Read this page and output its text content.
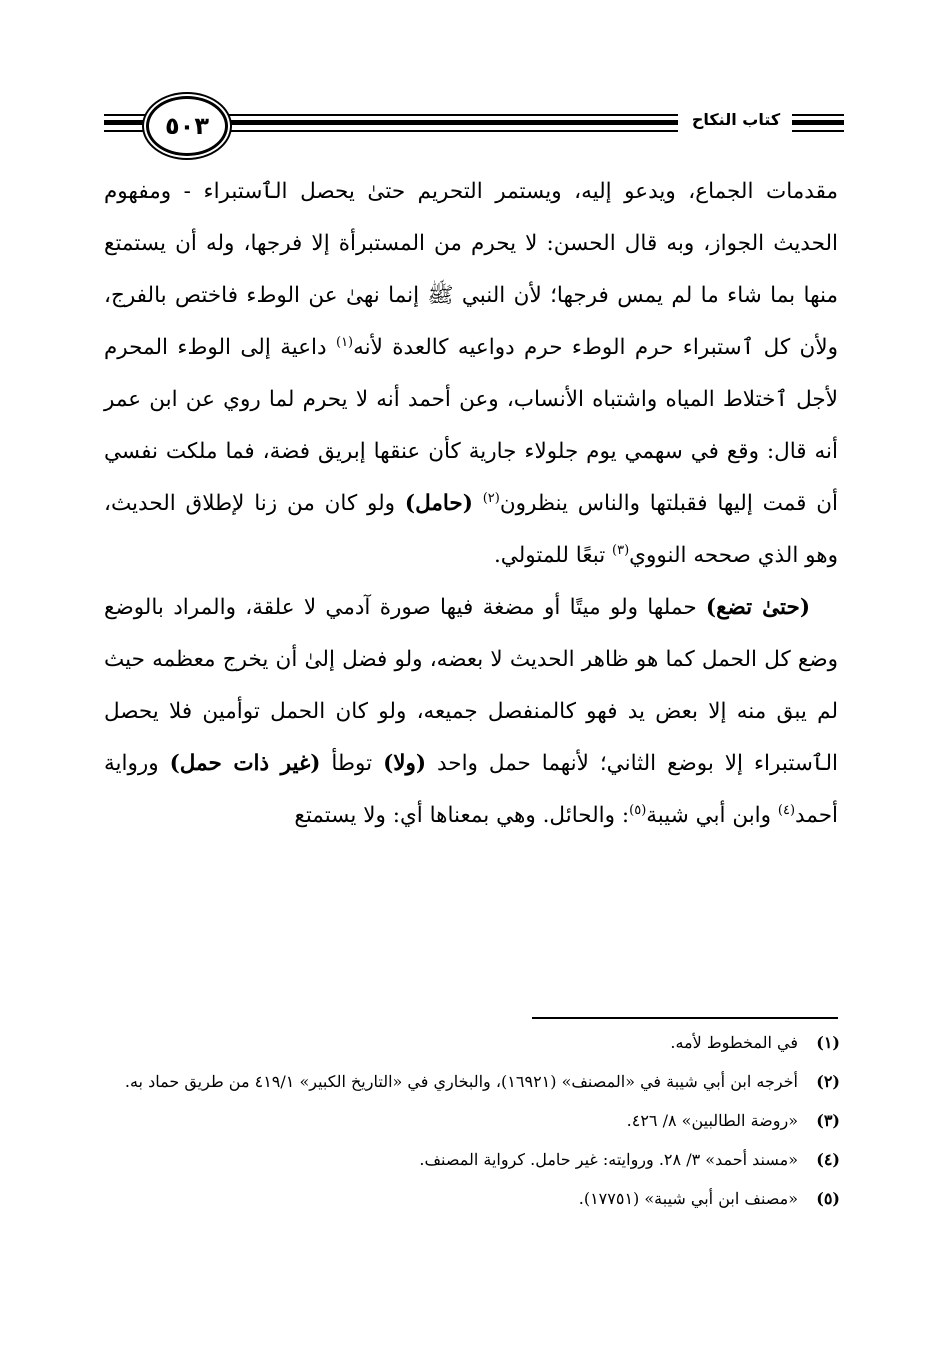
٥٠٣	كتاب النكاح

مقدمات الجماع، ويدعو إليه، ويستمر التحريم حتىٰ يحصل الٱستبراء - ومفهوم الحديث الجواز، وبه قال الحسن: لا يحرم من المستبرأة إلا فرجها، وله أن يستمتع منها بما شاء ما لم يمس فرجها؛ لأن النبي ﷺ إنما نهىٰ عن الوطء فاختص بالفرج، ولأن كل ٱستبراء حرم الوطء حرم دواعيه كالعدة لأنه$^{(١)}$ داعية إلى الوطء المحرم لأجل ٱختلاط المياه واشتباه الأنساب، وعن أحمد أنه لا يحرم لما روي عن ابن عمر أنه قال: وقع في سهمي يوم جلولاء جارية كأن عنقها إبريق فضة، فما ملكت نفسي أن قمت إليها فقبلتها والناس ينظرون$^{(٢)}$ (حامل) ولو كان من زنا لإطلاق الحديث، وهو الذي صححه النووي$^{(٣)}$ تبعًا للمتولي.

(حتىٰ تضع) حملها ولو ميتًا أو مضغة فيها صورة آدمي لا علقة، والمراد بالوضع وضع كل الحمل كما هو ظاهر الحديث لا بعضه، ولو فضل إلىٰ أن يخرج معظمه حيث لم يبق منه إلا بعض يد فهو كالمنفصل جميعه، ولو كان الحمل توأمين فلا يحصل الٱستبراء إلا بوضع الثاني؛ لأنهما حمل واحد (ولا) توطأ (غير ذات حمل) ورواية أحمد$^{(٤)}$ وابن أبي شيبة$^{(٥)}$: والحائل. وهي بمعناها أي: ولا يستمتع

(١)
في المخطوط لأمه.
(٢)
أخرجه ابن أبي شيبة في «المصنف» (١٦٩٢١)، والبخاري في «التاريخ الكبير» ٤١٩/١ من طريق حماد به.
(٣)
«روضة الطالبين» ٨/ ٤٢٦.
(٤)
«مسند أحمد» ٣/ ٢٨. وروايته: غير حامل. كرواية المصنف.
(٥)
«مصنف ابن أبي شيبة» (١٧٧٥١).
